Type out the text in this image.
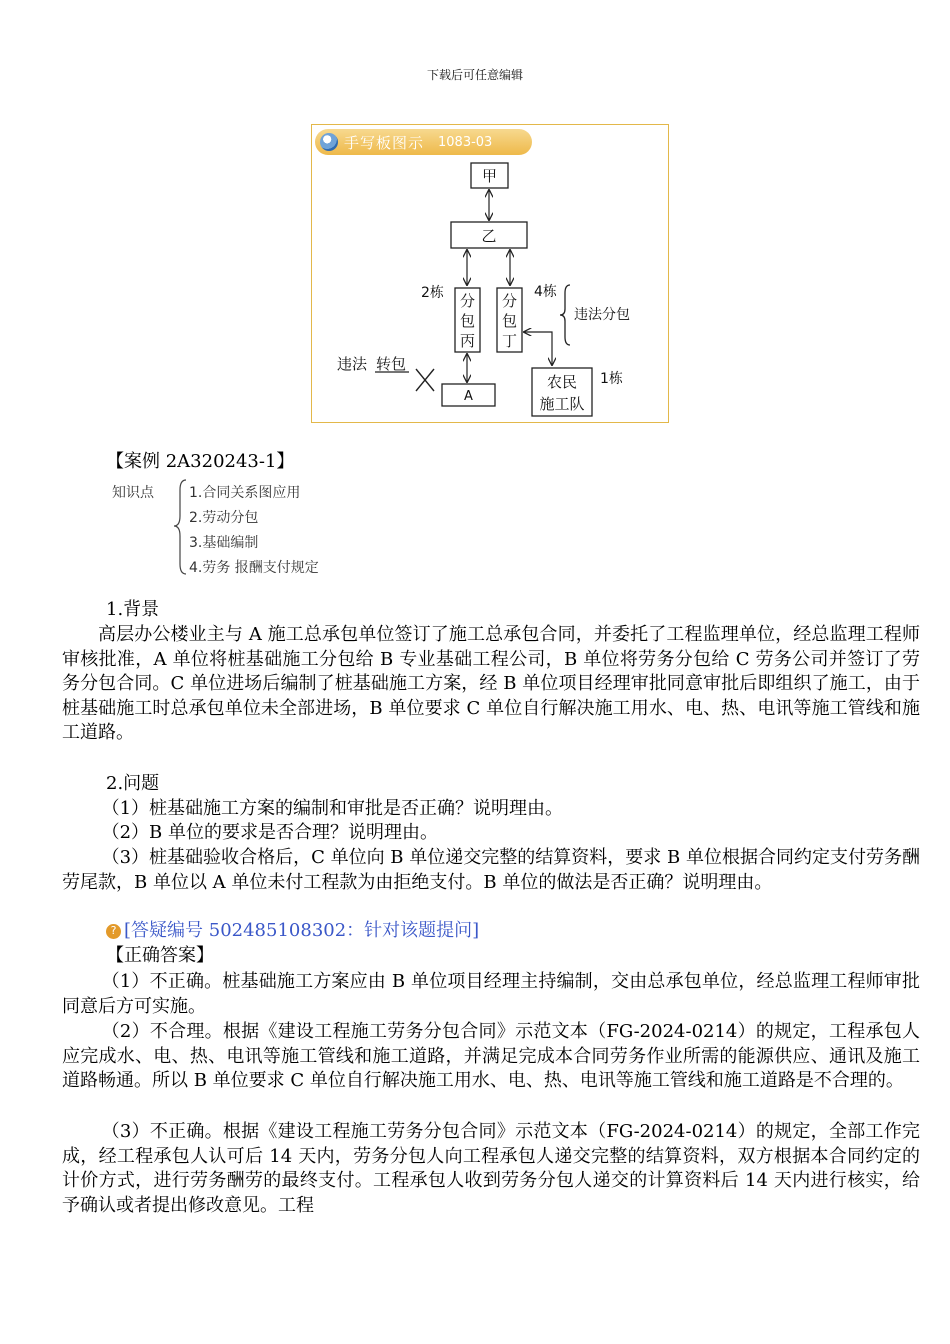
下载后可任意编辑
手写板图示 1083-03
甲
乙
分
包
丙
分
包
丁
2栋	4栋
违法分包
A
违法 转包
农民
施工队
1栋
【案例 2A320243-1】
知识点	1.合同关系图应用
2.劳动分包
3.基础编制
4.劳务 报酬支付规定
1.背景
高层办公楼业主与 A 施工总承包单位签订了施工总承包合同，并委托了工程监理单位，经总监理工程师审核批准，A 单位将桩基础施工分包给 B 专业基础工程公司，B 单位将劳务分包给 C 劳务公司并签订了劳务分包合同。C 单位进场后编制了桩基础施工方案，经 B 单位项目经理审批同意审批后即组织了施工，由于桩基础施工时总承包单位未全部进场，B 单位要求 C 单位自行解决施工用水、电、热、电讯等施工管线和施工道路。
2.问题
（1）桩基础施工方案的编制和审批是否正确？说明理由。
（2）B 单位的要求是否合理？说明理由。
（3）桩基础验收合格后，C 单位向 B 单位递交完整的结算资料，要求 B 单位根据合同约定支付劳务酬劳尾款，B 单位以 A 单位未付工程款为由拒绝支付。B 单位的做法是否正确？说明理由。
? [答疑编号 502485108302：针对该题提问]
【正确答案】
（1）不正确。桩基础施工方案应由 B 单位项目经理主持编制，交由总承包单位，经总监理工程师审批同意后方可实施。
（2）不合理。根据《建设工程施工劳务分包合同》示范文本（FG-2024-0214）的规定，工程承包人应完成水、电、热、电讯等施工管线和施工道路，并满足完成本合同劳务作业所需的能源供应、通讯及施工道路畅通。所以 B 单位要求 C 单位自行解决施工用水、电、热、电讯等施工管线和施工道路是不合理的。
（3）不正确。根据《建设工程施工劳务分包合同》示范文本（FG-2024-0214）的规定，全部工作完成，经工程承包人认可后 14 天内，劳务分包人向工程承包人递交完整的结算资料，双方根据本合同约定的计价方式，进行劳务酬劳的最终支付。工程承包人收到劳务分包人递交的计算资料后 14 天内进行核实，给予确认或者提出修改意见。工程
